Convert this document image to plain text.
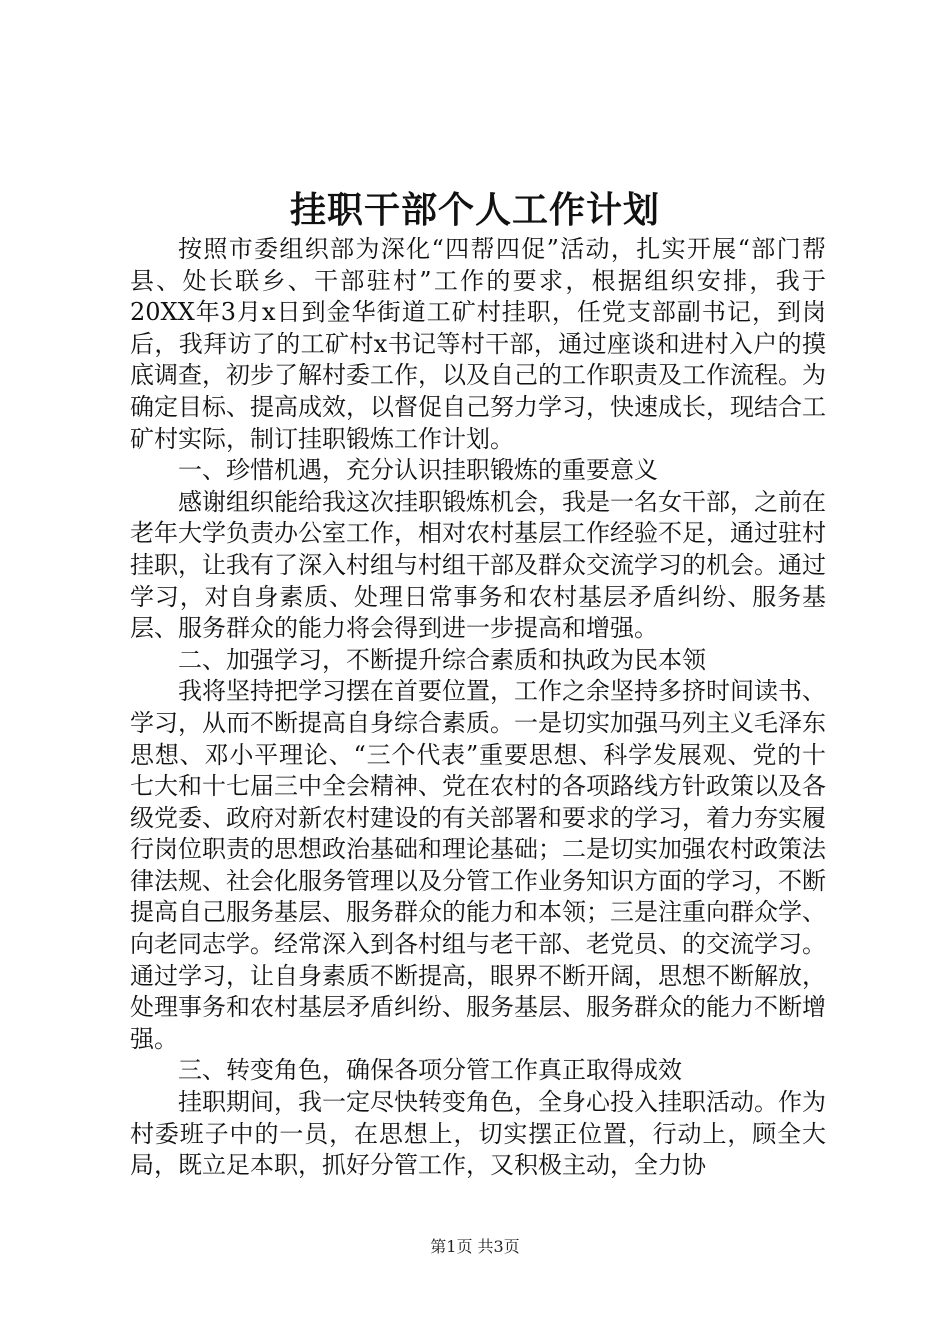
挂职干部个人工作计划

按照市委组织部为深化“四帮四促”活动，扎实开展“部门帮县、处长联乡、干部驻村”工作的要求，根据组织安排，我于20XX年3月x日到金华街道工矿村挂职，任党支部副书记，到岗后，我拜访了的工矿村x书记等村干部，通过座谈和进村入户的摸底调查，初步了解村委工作，以及自己的工作职责及工作流程。为确定目标、提高成效，以督促自己努力学习，快速成长，现结合工矿村实际，制订挂职锻炼工作计划。

一、珍惜机遇，充分认识挂职锻炼的重要意义

感谢组织能给我这次挂职锻炼机会，我是一名女干部，之前在老年大学负责办公室工作，相对农村基层工作经验不足，通过驻村挂职，让我有了深入村组与村组干部及群众交流学习的机会。通过学习，对自身素质、处理日常事务和农村基层矛盾纠纷、服务基层、服务群众的能力将会得到进一步提高和增强。

二、加强学习，不断提升综合素质和执政为民本领

我将坚持把学习摆在首要位置，工作之余坚持多挤时间读书、学习，从而不断提高自身综合素质。一是切实加强马列主义毛泽东思想、邓小平理论、“三个代表”重要思想、科学发展观、党的十七大和十七届三中全会精神、党在农村的各项路线方针政策以及各级党委、政府对新农村建设的有关部署和要求的学习，着力夯实履行岗位职责的思想政治基础和理论基础；二是切实加强农村政策法律法规、社会化服务管理以及分管工作业务知识方面的学习，不断提高自己服务基层、服务群众的能力和本领；三是注重向群众学、向老同志学。经常深入到各村组与老干部、老党员、的交流学习。通过学习，让自身素质不断提高，眼界不断开阔，思想不断解放，处理事务和农村基层矛盾纠纷、服务基层、服务群众的能力不断增强。

三、转变角色，确保各项分管工作真正取得成效

挂职期间，我一定尽快转变角色，全身心投入挂职活动。作为村委班子中的一员，在思想上，切实摆正位置，行动上，顾全大局，既立足本职，抓好分管工作，又积极主动，全力协

第1页 共3页
